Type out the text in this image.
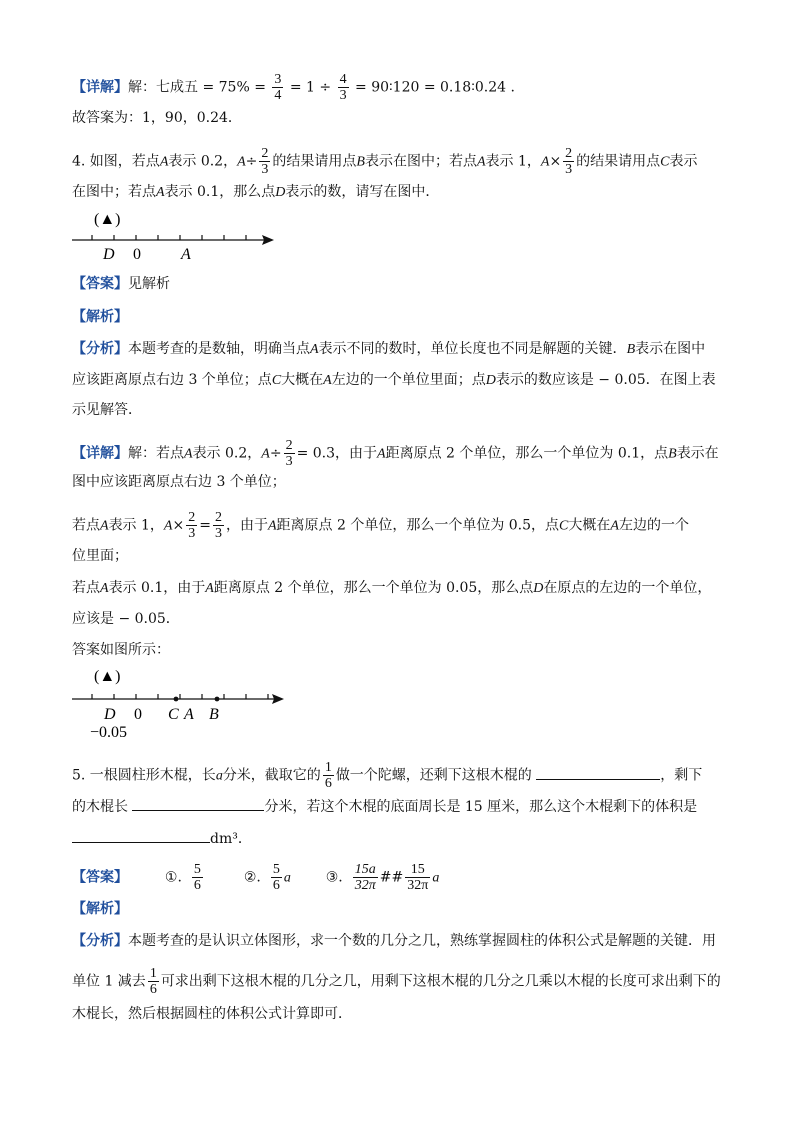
【详解】解：七成五 = $75\% = \frac{3}{4} = 1 \div \frac{4}{3}$ = 90∶120 = 0.18∶0.24 .
故答案为：1，90，0.24．
4. 如图，若点A表示 0.2，$A\div \frac{2}{3}$ 的结果请用点B表示在图中；若点A表示 1，$A\times \frac{2}{3}$ 的结果请用点C表示
在图中；若点A表示 0.1，那么点D表示的数，请写在图中．
(▲)
D 0	A
【答案】见解析
【解析】
【分析】本题考查的是数轴，明确当点A表示不同的数时，单位长度也不同是解题的关键．B表示在图中
应该距离原点右边 3 个单位；点C大概在A左边的一个单位里面；点D表示的数应该是 − 0.05．在图上表
示见解答．
【详解】解：若点A表示 0.2，$A\div \frac{2}{3} = 0.3$，由于A距离原点 2 个单位，那么一个单位为 0.1，点B表示在
图中应该距离原点右边 3 个单位；
若点A表示 1，$A\times \frac{2}{3} = \frac{2}{3}$ ，由于A距离原点 2 个单位，那么一个单位为 0.5，点C大概在A左边的一个
位里面；
若点A表示 0.1，由于A距离原点 2 个单位，那么一个单位为 0.05，那么点D在原点的左边的一个单位，
应该是 − 0.05．
答案如图所示：
(▲)
D 0 C A B
−0.05
5. 一根圆柱形木棍，长a分米，截取它的 $\frac{1}{6}$ 做一个陀螺，还剩下这根木棍的	，剩下
的木棍长	分米，若这个木棍的底面周长是 15 厘米，那么这个木棍剩下的体积是
dm³．
【答案】	①. $\frac{5}{6}$	②. $\frac{5}{6}$ a ③. $\frac{15a}{32\pi}$ ## $\frac{15}{32\pi}$ a
【解析】
【分析】本题考查的是认识立体图形，求一个数的几分之几，熟练掌握圆柱的体积公式是解题的关键．用
单位 1 减去 $\frac{1}{6}$ 可求出剩下这根木棍的几分之几，用剩下这根木棍的几分之几乘以木棍的长度可求出剩下的
木棍长，然后根据圆柱的体积公式计算即可．
